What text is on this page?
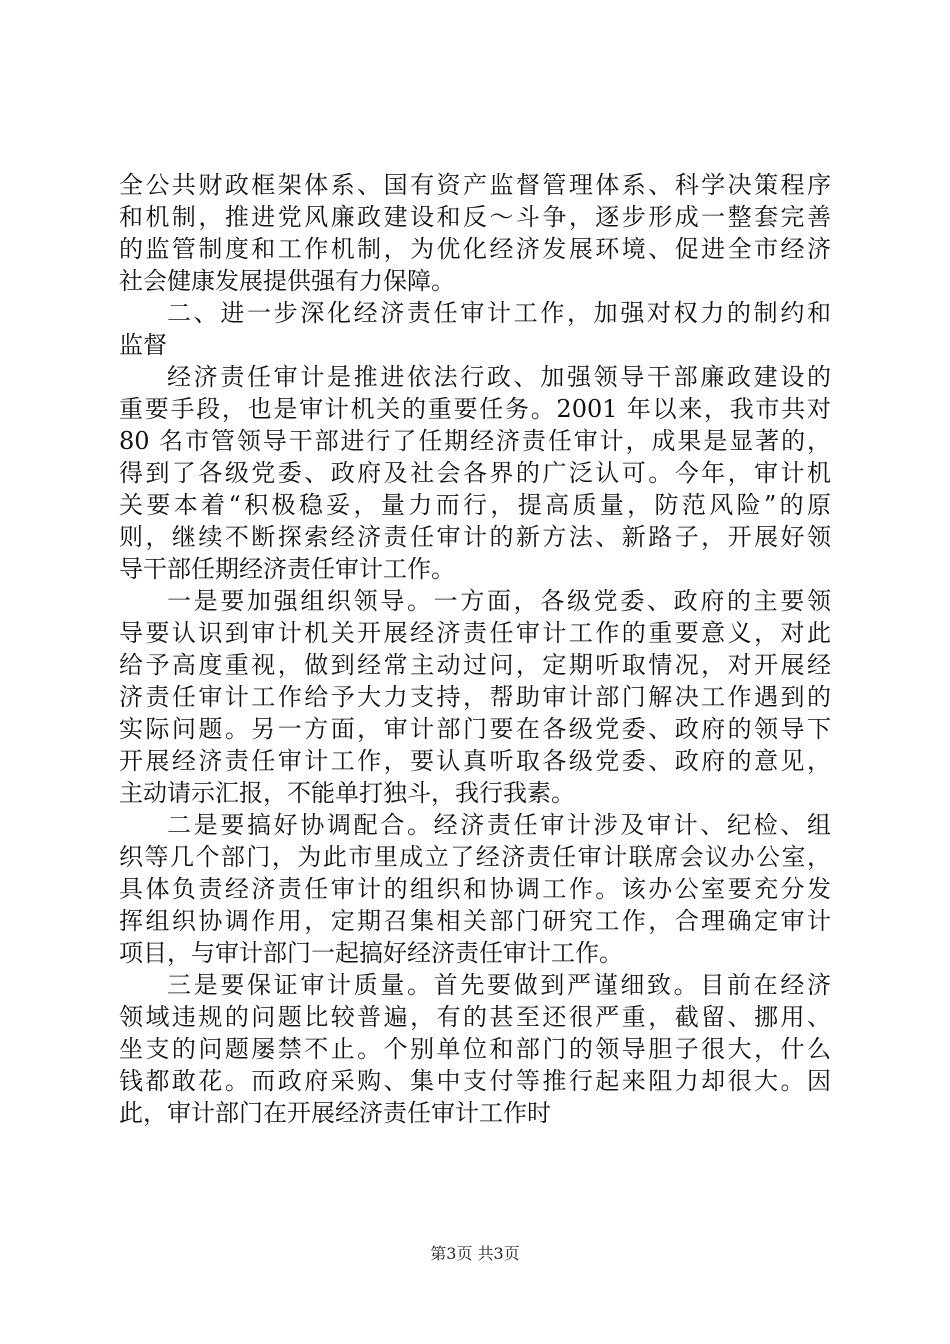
全公共财政框架体系、国有资产监督管理体系、科学决策程序
和机制，推进党风廉政建设和反～斗争，逐步形成一整套完善
的监管制度和工作机制，为优化经济发展环境、促进全市经济
社会健康发展提供强有力保障。
二、进一步深化经济责任审计工作，加强对权力的制约和
监督
经济责任审计是推进依法行政、加强领导干部廉政建设的
重要手段，也是审计机关的重要任务。2001 年以来，我市共对
80 名市管领导干部进行了任期经济责任审计，成果是显著的，
得到了各级党委、政府及社会各界的广泛认可。今年，审计机
关要本着“积极稳妥，量力而行，提高质量，防范风险”的原
则，继续不断探索经济责任审计的新方法、新路子，开展好领
导干部任期经济责任审计工作。
一是要加强组织领导。一方面，各级党委、政府的主要领
导要认识到审计机关开展经济责任审计工作的重要意义，对此
给予高度重视，做到经常主动过问，定期听取情况，对开展经
济责任审计工作给予大力支持，帮助审计部门解决工作遇到的
实际问题。另一方面，审计部门要在各级党委、政府的领导下
开展经济责任审计工作，要认真听取各级党委、政府的意见，
主动请示汇报，不能单打独斗，我行我素。
二是要搞好协调配合。经济责任审计涉及审计、纪检、组
织等几个部门，为此市里成立了经济责任审计联席会议办公室，
具体负责经济责任审计的组织和协调工作。该办公室要充分发
挥组织协调作用，定期召集相关部门研究工作，合理确定审计
项目，与审计部门一起搞好经济责任审计工作。
三是要保证审计质量。首先要做到严谨细致。目前在经济
领域违规的问题比较普遍，有的甚至还很严重，截留、挪用、
坐支的问题屡禁不止。个别单位和部门的领导胆子很大，什么
钱都敢花。而政府采购、集中支付等推行起来阻力却很大。因
此，审计部门在开展经济责任审计工作时
第3页 共3页
